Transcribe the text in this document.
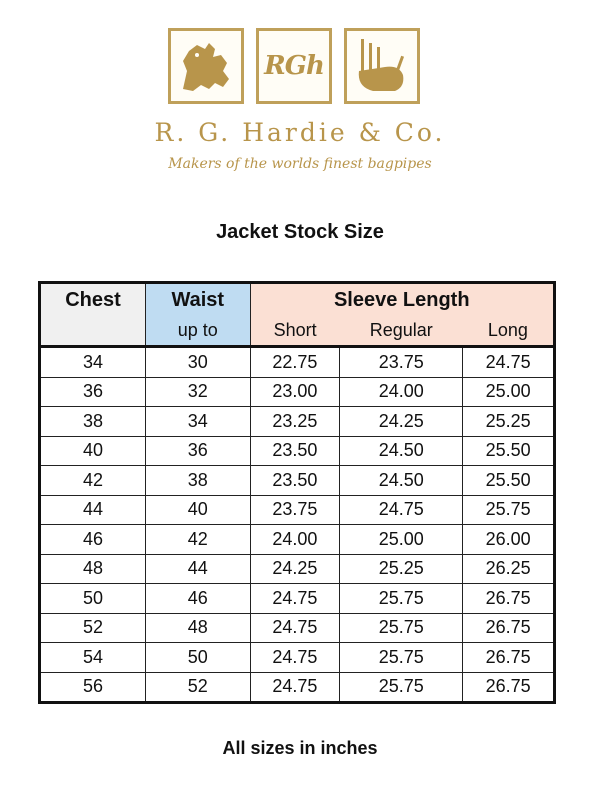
RGh
R. G. Hardie & Co.
Makers of the worlds finest bagpipes
Jacket Stock Size
Chest	Waist	Sleeve Length		
	up to	Short	Regular	Long
34	30	22.75	23.75	24.75
36	32	23.00	24.00	25.00
38	34	23.25	24.25	25.25
40	36	23.50	24.50	25.50
42	38	23.50	24.50	25.50
44	40	23.75	24.75	25.75
46	42	24.00	25.00	26.00
48	44	24.25	25.25	26.25
50	46	24.75	25.75	26.75
52	48	24.75	25.75	26.75
54	50	24.75	25.75	26.75
56	52	24.75	25.75	26.75
All sizes in inches
